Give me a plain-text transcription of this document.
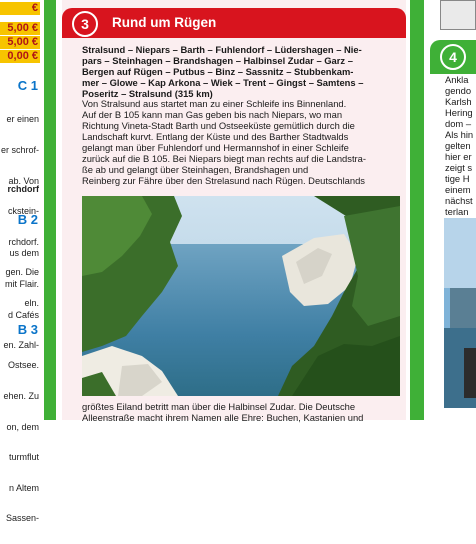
€
5,00 €
5,00 €
0,00 €
C 1

er einen

er schrof-

ab. Von

ckstein-

rchdorf.

gen. Die

eln.

rchdorf
B 2

us dem

mit Flair.

d Cafés

en. Zahl-

B 3

Ostsee.

ehen. Zu

on, dem

turmflut

n Altem

Sassen-

3	Rund um Rügen
Stralsund – Niepars – Barth – Fuhlendorf – Lüdershagen – Nie-
pars – Steinhagen – Brandshagen – Halbinsel Zudar – Garz –
Bergen auf Rügen – Putbus – Binz – Sassnitz – Stubbenkam-
mer – Glowe – Kap Arkona – Wiek – Trent – Gingst – Samtens –
Poseritz – Stralsund (315 km)
Von Stralsund aus startet man zu einer Schleife ins Binnenland.
Auf der B 105 kann man Gas geben bis nach Niepars, wo man
Richtung Vineta-Stadt Barth und Ostseeküste gemütlich durch die
Landschaft kurvt. Entlang der Küste und des Barther Stadtwalds
gelangt man über Fuhlendorf und Hermannshof in einer Schleife
zurück auf die B 105. Bei Niepars biegt man rechts auf die Landstra-
ße ab und gelangt über Steinhagen, Brandshagen und
Reinberg zur Fähre über den Strelasund nach Rügen. Deutschlands
größtes Eiland betritt man über die Halbinsel Zudar. Die Deutsche
Alleenstraße macht ihrem Namen alle Ehre: Buchen, Kastanien und
4
Ankla
gendo
Karlsh
Hering
dom –
Als hin
gelten
hier er
zeigt s
tige H
einem
nächst
terlan
